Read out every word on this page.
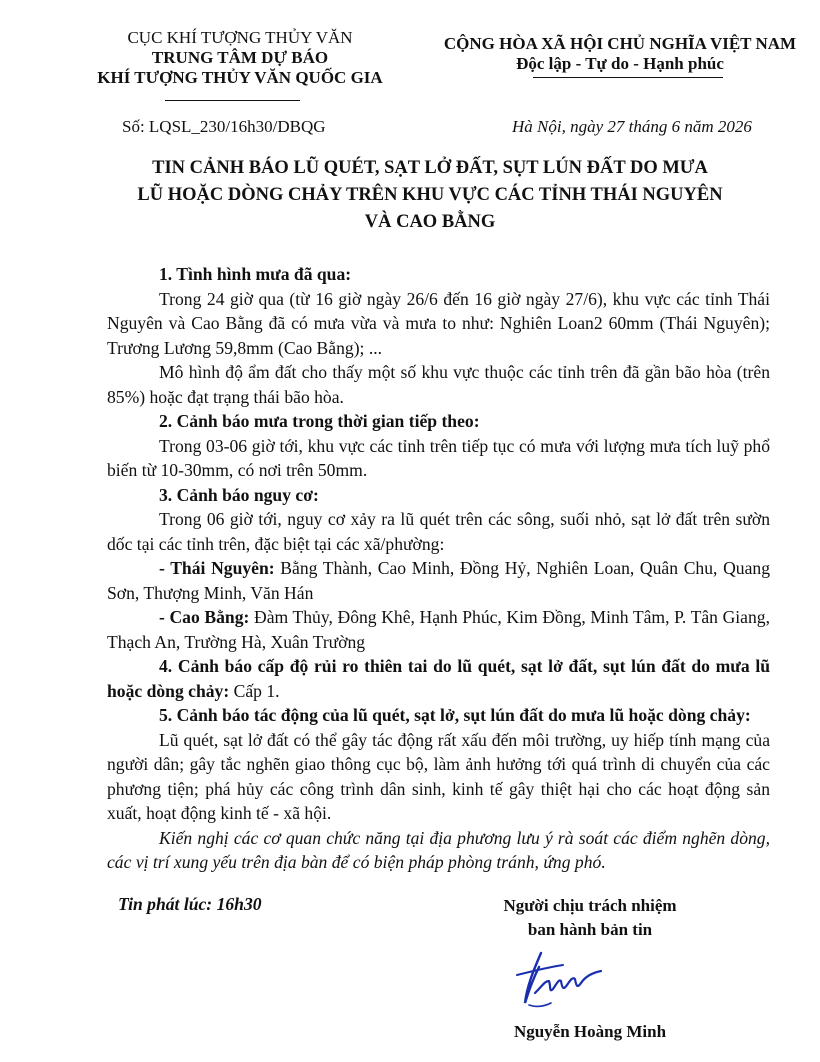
CỤC KHÍ TƯỢNG THỦY VĂN
TRUNG TÂM DỰ BÁO
KHÍ TƯỢNG THỦY VĂN QUỐC GIA
CỘNG HÒA XÃ HỘI CHỦ NGHĨA VIỆT NAM
Độc lập - Tự do - Hạnh phúc
Số: LQSL_230/16h30/DBQG	Hà Nội, ngày 27 tháng 6 năm 2026
TIN CẢNH BÁO LŨ QUÉT, SẠT LỞ ĐẤT, SỤT LÚN ĐẤT DO MƯA
LŨ HOẶC DÒNG CHẢY TRÊN KHU VỰC CÁC TỈNH THÁI NGUYÊN
VÀ CAO BẰNG

1. Tình hình mưa đã qua:

Trong 24 giờ qua (từ 16 giờ ngày 26/6 đến 16 giờ ngày 27/6), khu vực các tỉnh Thái Nguyên và Cao Bằng đã có mưa vừa và mưa to như: Nghiên Loan2 60mm (Thái Nguyên); Trương Lương 59,8mm (Cao Bằng); ...

Mô hình độ ẩm đất cho thấy một số khu vực thuộc các tỉnh trên đã gần bão hòa (trên 85%) hoặc đạt trạng thái bão hòa.

2. Cảnh báo mưa trong thời gian tiếp theo:

Trong 03-06 giờ tới, khu vực các tỉnh trên tiếp tục có mưa với lượng mưa tích luỹ phổ biến từ 10-30mm, có nơi trên 50mm.

3. Cảnh báo nguy cơ:

Trong 06 giờ tới, nguy cơ xảy ra lũ quét trên các sông, suối nhỏ, sạt lở đất trên sườn dốc tại các tỉnh trên, đặc biệt tại các xã/phường:

- Thái Nguyên: Bằng Thành, Cao Minh, Đồng Hỷ, Nghiên Loan, Quân Chu, Quang Sơn, Thượng Minh, Văn Hán

- Cao Bằng: Đàm Thủy, Đông Khê, Hạnh Phúc, Kim Đồng, Minh Tâm, P. Tân Giang, Thạch An, Trường Hà, Xuân Trường

4. Cảnh báo cấp độ rủi ro thiên tai do lũ quét, sạt lở đất, sụt lún đất do mưa lũ hoặc dòng chảy: Cấp 1.

5. Cảnh báo tác động của lũ quét, sạt lở, sụt lún đất do mưa lũ hoặc dòng chảy:

Lũ quét, sạt lở đất có thể gây tác động rất xấu đến môi trường, uy hiếp tính mạng của người dân; gây tắc nghẽn giao thông cục bộ, làm ảnh hưởng tới quá trình di chuyển của các phương tiện; phá hủy các công trình dân sinh, kinh tế gây thiệt hại cho các hoạt động sản xuất, hoạt động kinh tế - xã hội.

Kiến nghị các cơ quan chức năng tại địa phương lưu ý rà soát các điểm nghẽn dòng, các vị trí xung yếu trên địa bàn để có biện pháp phòng tránh, ứng phó.

Tin phát lúc: 16h30	Người chịu trách nhiệm
ban hành bản tin
Nguyễn Hoàng Minh
